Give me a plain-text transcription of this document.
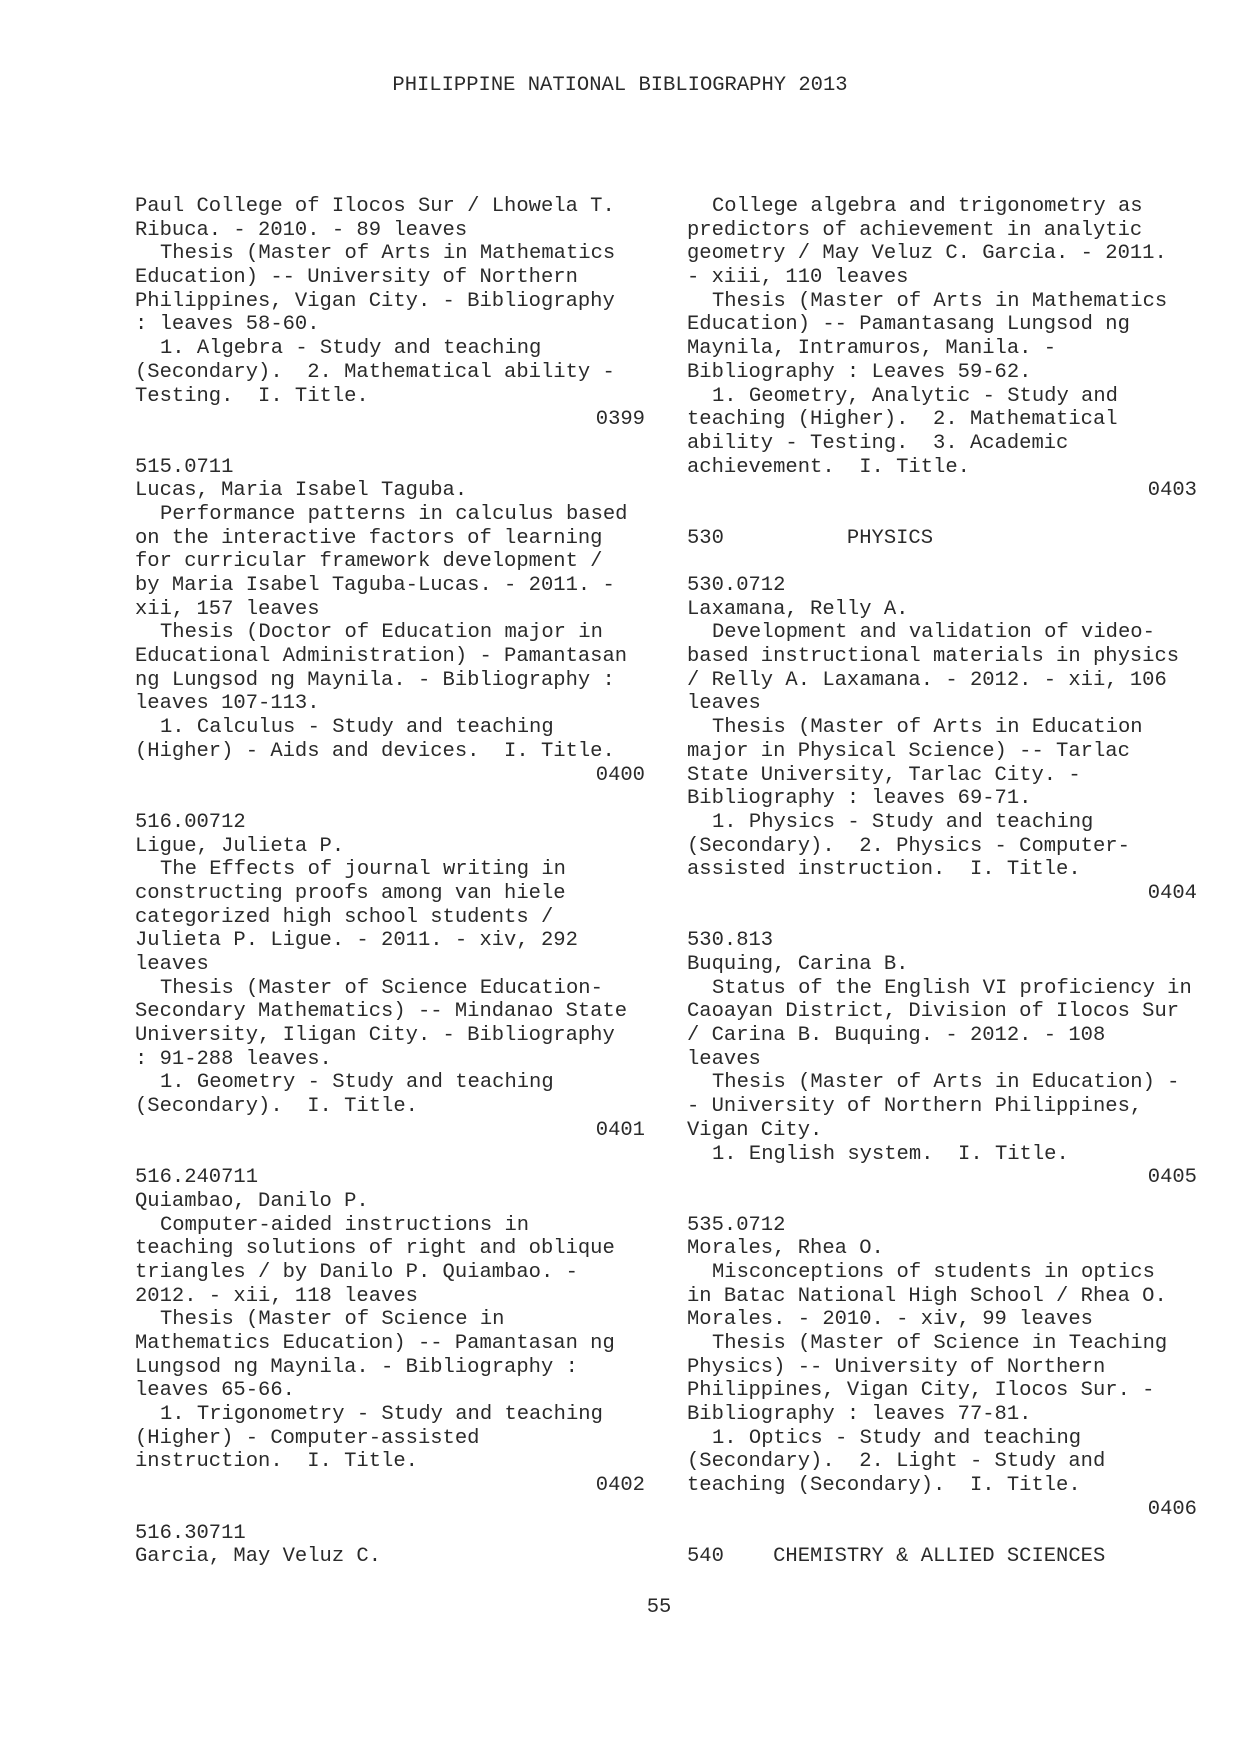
PHILIPPINE NATIONAL BIBLIOGRAPHY 2013
Paul College of Ilocos Sur / Lhowela T.
Ribuca. - 2010. - 89 leaves
Thesis (Master of Arts in Mathematics
Education) -- University of Northern
Philippines, Vigan City. - Bibliography
: leaves 58-60.
1. Algebra - Study and teaching
(Secondary).  2. Mathematical ability -
Testing.  I. Title.
0399
515.0711
Lucas, Maria Isabel Taguba.
Performance patterns in calculus based
on the interactive factors of learning
for curricular framework development /
by Maria Isabel Taguba-Lucas. - 2011. -
xii, 157 leaves
Thesis (Doctor of Education major in
Educational Administration) - Pamantasan
ng Lungsod ng Maynila. - Bibliography :
leaves 107-113.
1. Calculus - Study and teaching
(Higher) - Aids and devices.  I. Title.
0400
516.00712
Ligue, Julieta P.
The Effects of journal writing in
constructing proofs among van hiele
categorized high school students /
Julieta P. Ligue. - 2011. - xiv, 292
leaves
Thesis (Master of Science Education-
Secondary Mathematics) -- Mindanao State
University, Iligan City. - Bibliography
: 91-288 leaves.
1. Geometry - Study and teaching
(Secondary).  I. Title.
0401
516.240711
Quiambao, Danilo P.
Computer-aided instructions in
teaching solutions of right and oblique
triangles / by Danilo P. Quiambao. -
2012. - xii, 118 leaves
Thesis (Master of Science in
Mathematics Education) -- Pamantasan ng
Lungsod ng Maynila. - Bibliography :
leaves 65-66.
1. Trigonometry - Study and teaching
(Higher) - Computer-assisted
instruction.  I. Title.
0402
516.30711
Garcia, May Veluz C.
College algebra and trigonometry as
predictors of achievement in analytic
geometry / May Veluz C. Garcia. - 2011.
- xiii, 110 leaves
Thesis (Master of Arts in Mathematics
Education) -- Pamantasang Lungsod ng
Maynila, Intramuros, Manila. -
Bibliography : Leaves 59-62.
1. Geometry, Analytic - Study and
teaching (Higher).  2. Mathematical
ability - Testing.  3. Academic
achievement.  I. Title.
0403
530          PHYSICS
530.0712
Laxamana, Relly A.
Development and validation of video-
based instructional materials in physics
/ Relly A. Laxamana. - 2012. - xii, 106
leaves
Thesis (Master of Arts in Education
major in Physical Science) -- Tarlac
State University, Tarlac City. -
Bibliography : leaves 69-71.
1. Physics - Study and teaching
(Secondary).  2. Physics - Computer-
assisted instruction.  I. Title.
0404
530.813
Buquing, Carina B.
Status of the English VI proficiency in
Caoayan District, Division of Ilocos Sur
/ Carina B. Buquing. - 2012. - 108
leaves
Thesis (Master of Arts in Education) -
- University of Northern Philippines,
Vigan City.
1. English system.  I. Title.
0405
535.0712
Morales, Rhea O.
Misconceptions of students in optics
in Batac National High School / Rhea O.
Morales. - 2010. - xiv, 99 leaves
Thesis (Master of Science in Teaching
Physics) -- University of Northern
Philippines, Vigan City, Ilocos Sur. -
Bibliography : leaves 77-81.
1. Optics - Study and teaching
(Secondary).  2. Light - Study and
teaching (Secondary).  I. Title.
0406
540    CHEMISTRY & ALLIED SCIENCES
55
